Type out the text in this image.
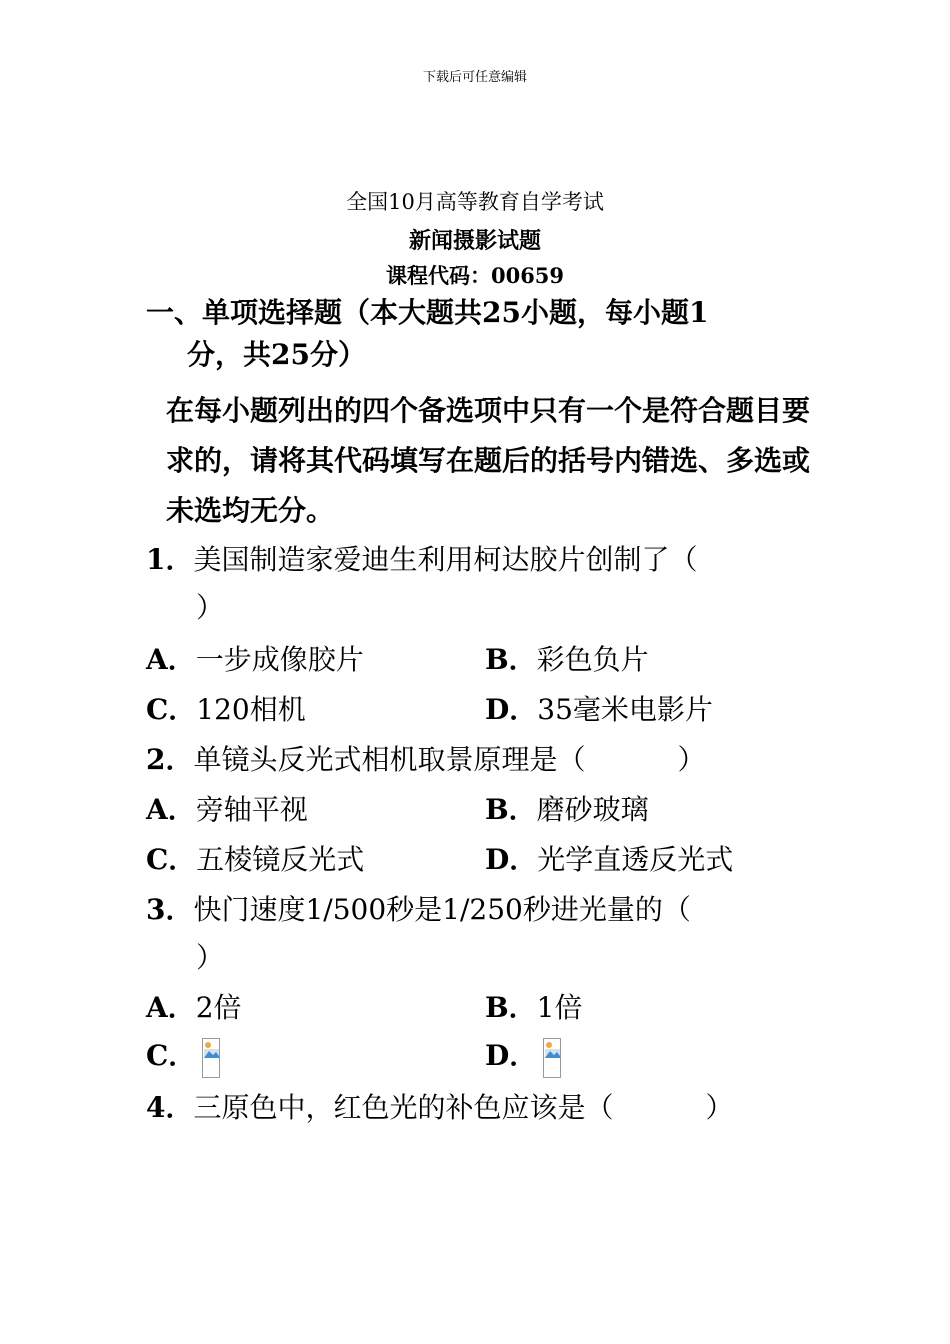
下载后可任意编辑
全国10月高等教育自学考试
新闻摄影试题
课程代码：00659
一、单项选择题（本大题共25小题，每小题1
分，共25分）
在每小题列出的四个备选项中只有一个是符合题目要求的，请将其代码填写在题后的括号内错选、多选或未选均无分。
1．美国制造家爱迪生利用柯达胶片创制了（
）
A．一步成像胶片	B．彩色负片
C．120相机	D．35毫米电影片
2．单镜头反光式相机取景原理是（	）
A．旁轴平视	B．磨砂玻璃
C．五棱镜反光式	D．光学直透反光式
3．快门速度1/500秒是1/250秒进光量的（
）
A．2倍	B．1倍
C．	D．
4．三原色中，红色光的补色应该是（	）
